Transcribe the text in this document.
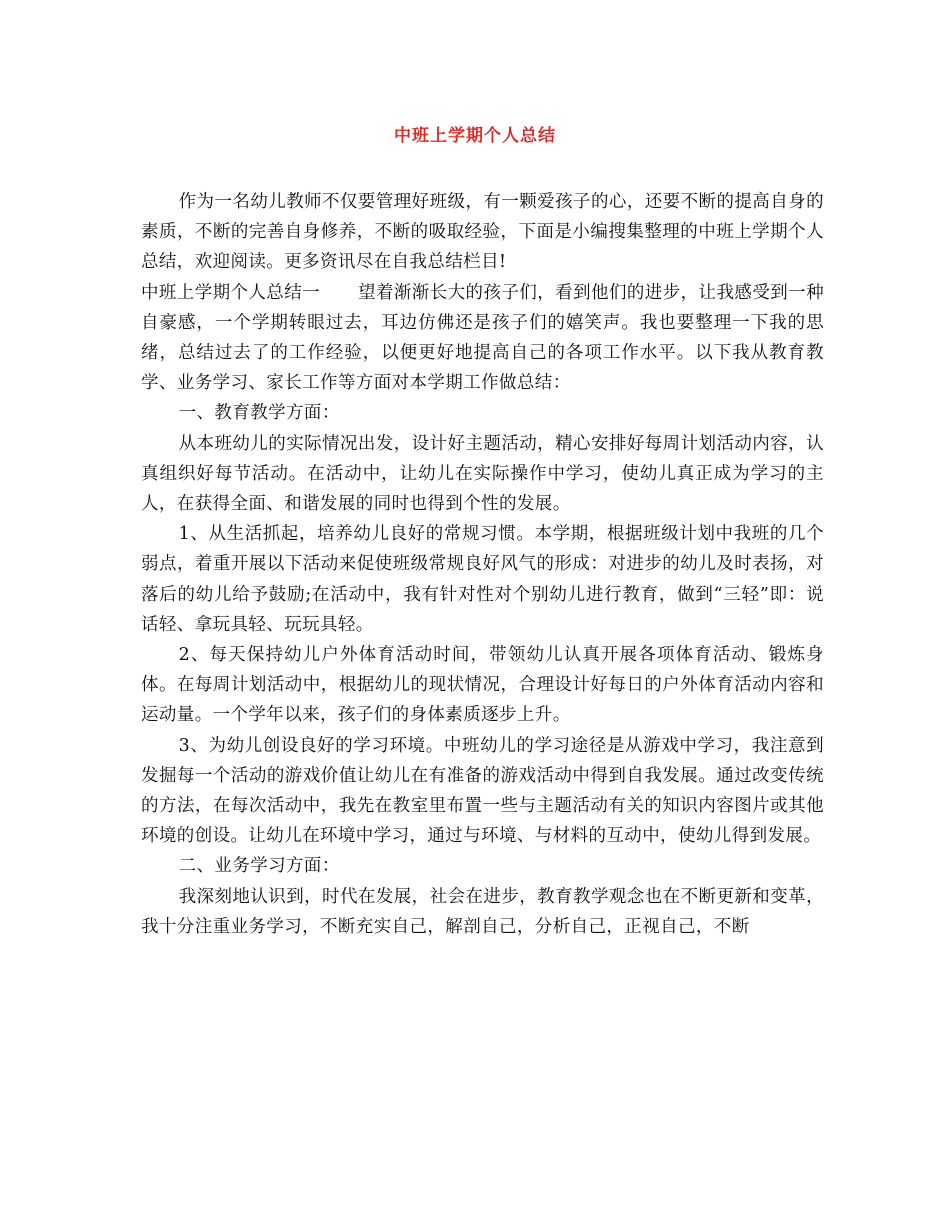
中班上学期个人总结

作为一名幼儿教师不仅要管理好班级，有一颗爱孩子的心，还要不断的提高自身的素质，不断的完善自身修养，不断的吸取经验，下面是小编搜集整理的中班上学期个人总结，欢迎阅读。更多资讯尽在自我总结栏目!

中班上学期个人总结一 望着渐渐长大的孩子们，看到他们的进步，让我感受到一种自豪感，一个学期转眼过去，耳边仿佛还是孩子们的嬉笑声。我也要整理一下我的思绪，总结过去了的工作经验，以便更好地提高自己的各项工作水平。以下我从教育教学、业务学习、家长工作等方面对本学期工作做总结：

一、教育教学方面：

从本班幼儿的实际情况出发，设计好主题活动，精心安排好每周计划活动内容，认真组织好每节活动。在活动中，让幼儿在实际操作中学习，使幼儿真正成为学习的主人，在获得全面、和谐发展的同时也得到个性的发展。

1、从生活抓起，培养幼儿良好的常规习惯。本学期，根据班级计划中我班的几个弱点，着重开展以下活动来促使班级常规良好风气的形成：对进步的幼儿及时表扬，对落后的幼儿给予鼓励;在活动中，我有针对性对个别幼儿进行教育，做到“三轻”即：说话轻、拿玩具轻、玩玩具轻。

2、每天保持幼儿户外体育活动时间，带领幼儿认真开展各项体育活动、锻炼身体。在每周计划活动中，根据幼儿的现状情况，合理设计好每日的户外体育活动内容和运动量。一个学年以来，孩子们的身体素质逐步上升。

3、为幼儿创设良好的学习环境。中班幼儿的学习途径是从游戏中学习，我注意到发掘每一个活动的游戏价值让幼儿在有准备的游戏活动中得到自我发展。通过改变传统的方法，在每次活动中，我先在教室里布置一些与主题活动有关的知识内容图片或其他环境的创设。让幼儿在环境中学习，通过与环境、与材料的互动中，使幼儿得到发展。

二、业务学习方面：

我深刻地认识到，时代在发展，社会在进步，教育教学观念也在不断更新和变革，我十分注重业务学习，不断充实自己，解剖自己，分析自己，正视自己，不断
